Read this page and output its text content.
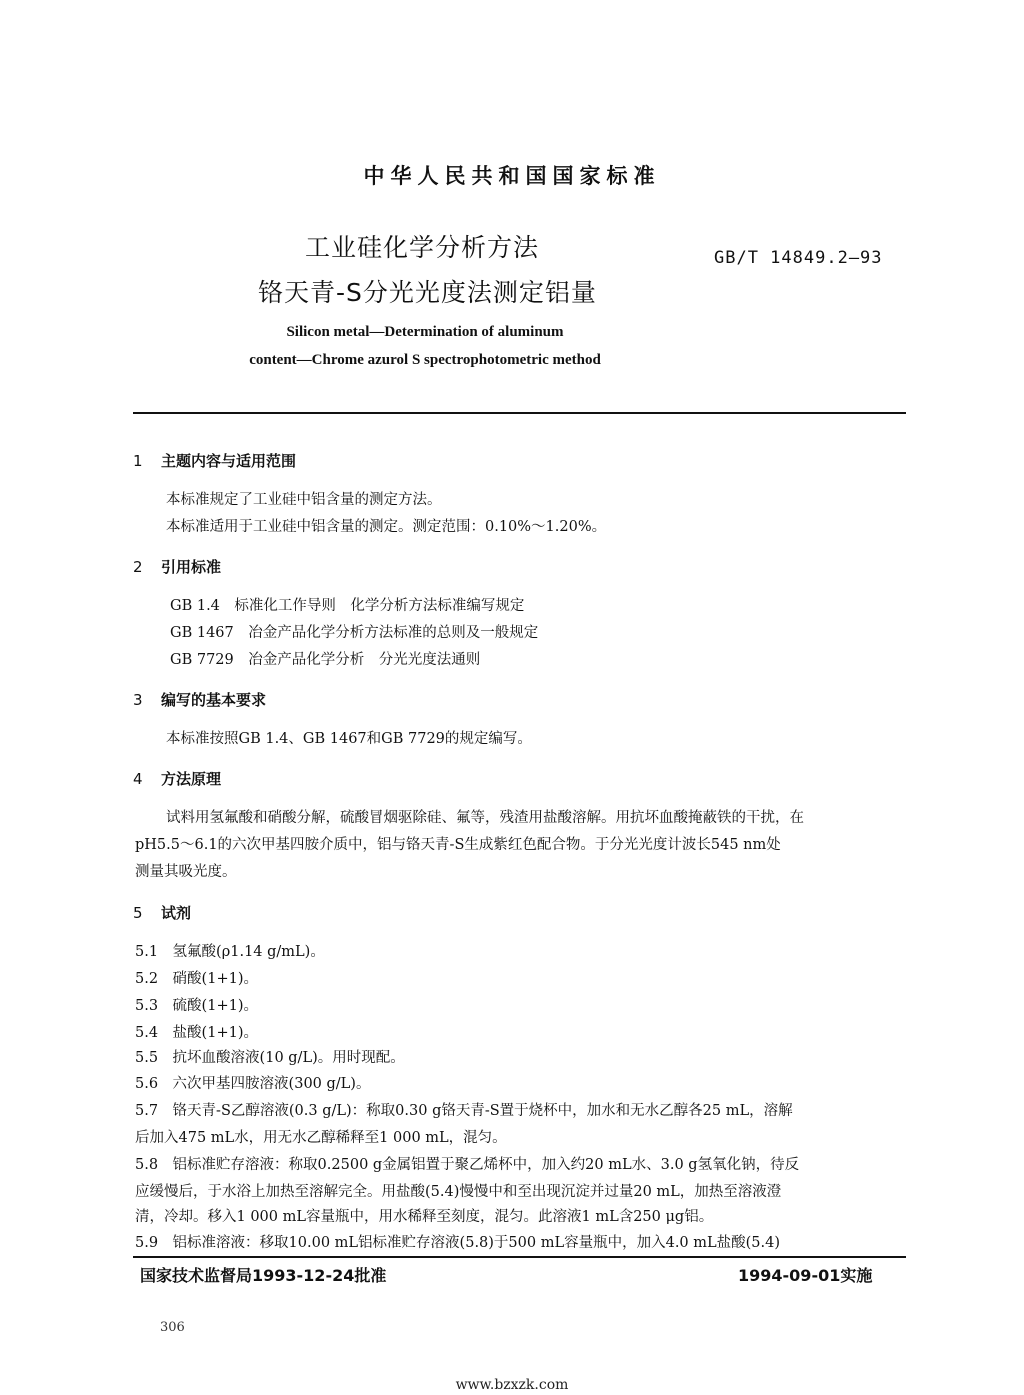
中华人民共和国国家标准
工业硅化学分析方法
铬天青-S分光光度法测定铝量
GB/T 14849.2—93
Silicon metal—Determination of aluminum
content—Chrome azurol S spectrophotometric method
1 主题内容与适用范围
本标准规定了工业硅中铝含量的测定方法。
本标准适用于工业硅中铝含量的测定。测定范围：0.10%～1.20%。
2 引用标准
GB 1.4　标准化工作导则　化学分析方法标准编写规定
GB 1467　冶金产品化学分析方法标准的总则及一般规定
GB 7729　冶金产品化学分析　分光光度法通则
3 编写的基本要求
本标准按照GB 1.4、GB 1467和GB 7729的规定编写。
4 方法原理
试料用氢氟酸和硝酸分解，硫酸冒烟驱除硅、氟等，残渣用盐酸溶解。用抗坏血酸掩蔽铁的干扰，在
pH5.5～6.1的六次甲基四胺介质中，铝与铬天青-S生成紫红色配合物。于分光光度计波长545 nm处
测量其吸光度。
5 试剂
5.1　氢氟酸(ρ1.14 g/mL)。
5.2　硝酸(1+1)。
5.3　硫酸(1+1)。
5.4　盐酸(1+1)。
5.5　抗坏血酸溶液(10 g/L)。用时现配。
5.6　六次甲基四胺溶液(300 g/L)。
5.7　铬天青-S乙醇溶液(0.3 g/L)：称取0.30 g铬天青-S置于烧杯中，加水和无水乙醇各25 mL，溶解
后加入475 mL水，用无水乙醇稀释至1 000 mL，混匀。
5.8　铝标准贮存溶液：称取0.2500 g金属铝置于聚乙烯杯中，加入约20 mL水、3.0 g氢氧化钠，待反
应缓慢后，于水浴上加热至溶解完全。用盐酸(5.4)慢慢中和至出现沉淀并过量20 mL，加热至溶液澄
清，冷却。移入1 000 mL容量瓶中，用水稀释至刻度，混匀。此溶液1 mL含250 μg铝。
5.9　铝标准溶液：移取10.00 mL铝标准贮存溶液(5.8)于500 mL容量瓶中，加入4.0 mL盐酸(5.4)
国家技术监督局1993-12-24批准	1994-09-01实施
306
www.bzxzk.com
